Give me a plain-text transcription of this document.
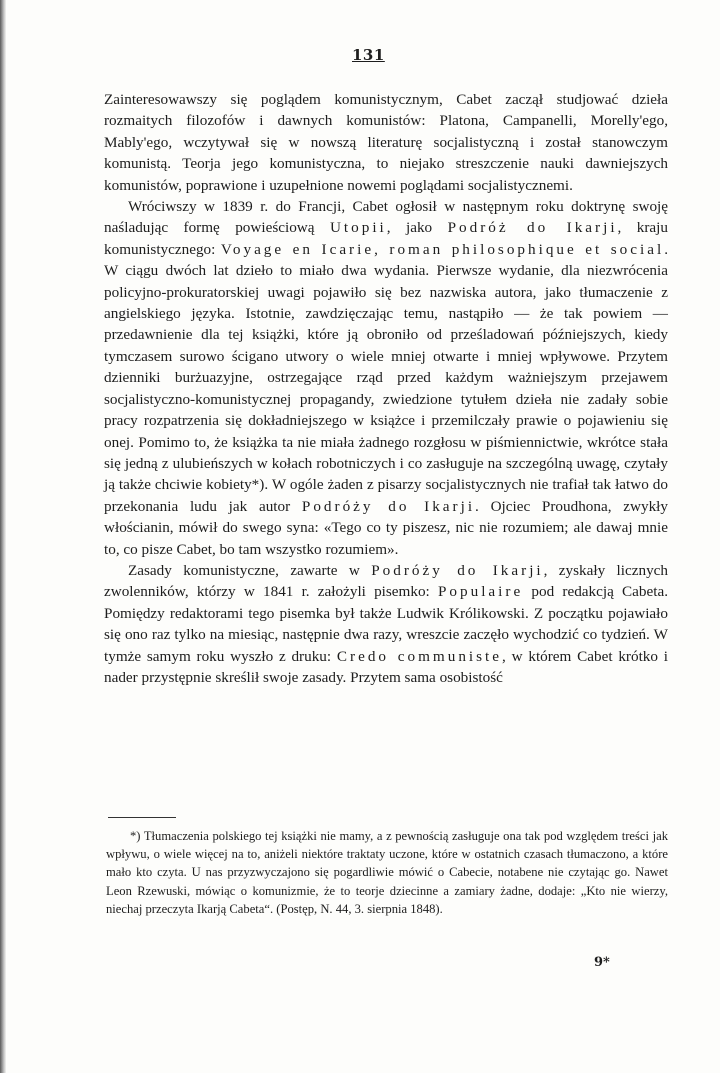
131

Zainteresowawszy się poglądem komunistycznym, Cabet zaczął studjować dzieła rozmaitych filozofów i dawnych komunistów: Platona, Campanelli, Morelly'ego, Mably'ego, wczytywał się w nowszą literaturę socjalistyczną i został stanowczym komunistą. Teorja jego komunistyczna, to niejako streszczenie nauki dawniejszych komunistów, poprawione i uzupełnione nowemi poglądami socjalistycznemi.

Wróciwszy w 1839 r. do Francji, Cabet ogłosił w następnym roku doktrynę swoję naśladując formę powieściową Utopii, jako Podróż do Ikarji, kraju komunistycznego: Voyage en Icarie, roman philosophique et social. W ciągu dwóch lat dzieło to miało dwa wydania. Pierwsze wydanie, dla niezwrócenia policyjno-prokuratorskiej uwagi pojawiło się bez nazwiska autora, jako tłumaczenie z angielskiego języka. Istotnie, zawdzięczając temu, nastąpiło — że tak powiem — przedawnienie dla tej książki, które ją obroniło od prześladowań późniejszych, kiedy tymczasem surowo ścigano utwory o wiele mniej otwarte i mniej wpływowe. Przytem dzienniki burżuazyjne, ostrzegające rząd przed każdym ważniejszym przejawem socjalistyczno-komunistycznej propagandy, zwiedzione tytułem dzieła nie zadały sobie pracy rozpatrzenia się dokładniejszego w książce i przemilczały prawie o pojawieniu się onej. Pomimo to, że książka ta nie miała żadnego rozgłosu w piśmiennictwie, wkrótce stała się jedną z ulubieńszych w kołach robotniczych i co zasługuje na szczególną uwagę, czytały ją także chciwie kobiety*). W ogóle żaden z pisarzy socjalistycznych nie trafiał tak łatwo do przekonania ludu jak autor Podróży do Ikarji. Ojciec Proudhona, zwykły włościanin, mówił do swego syna: «Tego co ty piszesz, nic nie rozumiem; ale dawaj mnie to, co pisze Cabet, bo tam wszystko rozumiem».

Zasady komunistyczne, zawarte w Podróży do Ikarji, zyskały licznych zwolenników, którzy w 1841 r. założyli pisemko: Populaire pod redakcją Cabeta. Pomiędzy redaktorami tego pisemka był także Ludwik Królikowski. Z początku pojawiało się ono raz tylko na miesiąc, następnie dwa razy, wreszcie zaczęło wychodzić co tydzień. W tymże samym roku wyszło z druku: Credo communiste, w którem Cabet krótko i nader przystępnie skreślił swoje zasady. Przytem sama osobistość

*) Tłumaczenia polskiego tej książki nie mamy, a z pewnością zasługuje ona tak pod względem treści jak wpływu, o wiele więcej na to, aniżeli niektóre traktaty uczone, które w ostatnich czasach tłumaczono, a które mało kto czyta. U nas przyzwyczajono się pogardliwie mówić o Cabecie, notabene nie czytając go. Nawet Leon Rzewuski, mówiąc o komunizmie, że to teorje dziecinne a zamiary żadne, dodaje: „Kto nie wierzy, niechaj przeczyta Ikarją Cabeta“. (Postęp, N. 44, 3. sierpnia 1848).
9*
